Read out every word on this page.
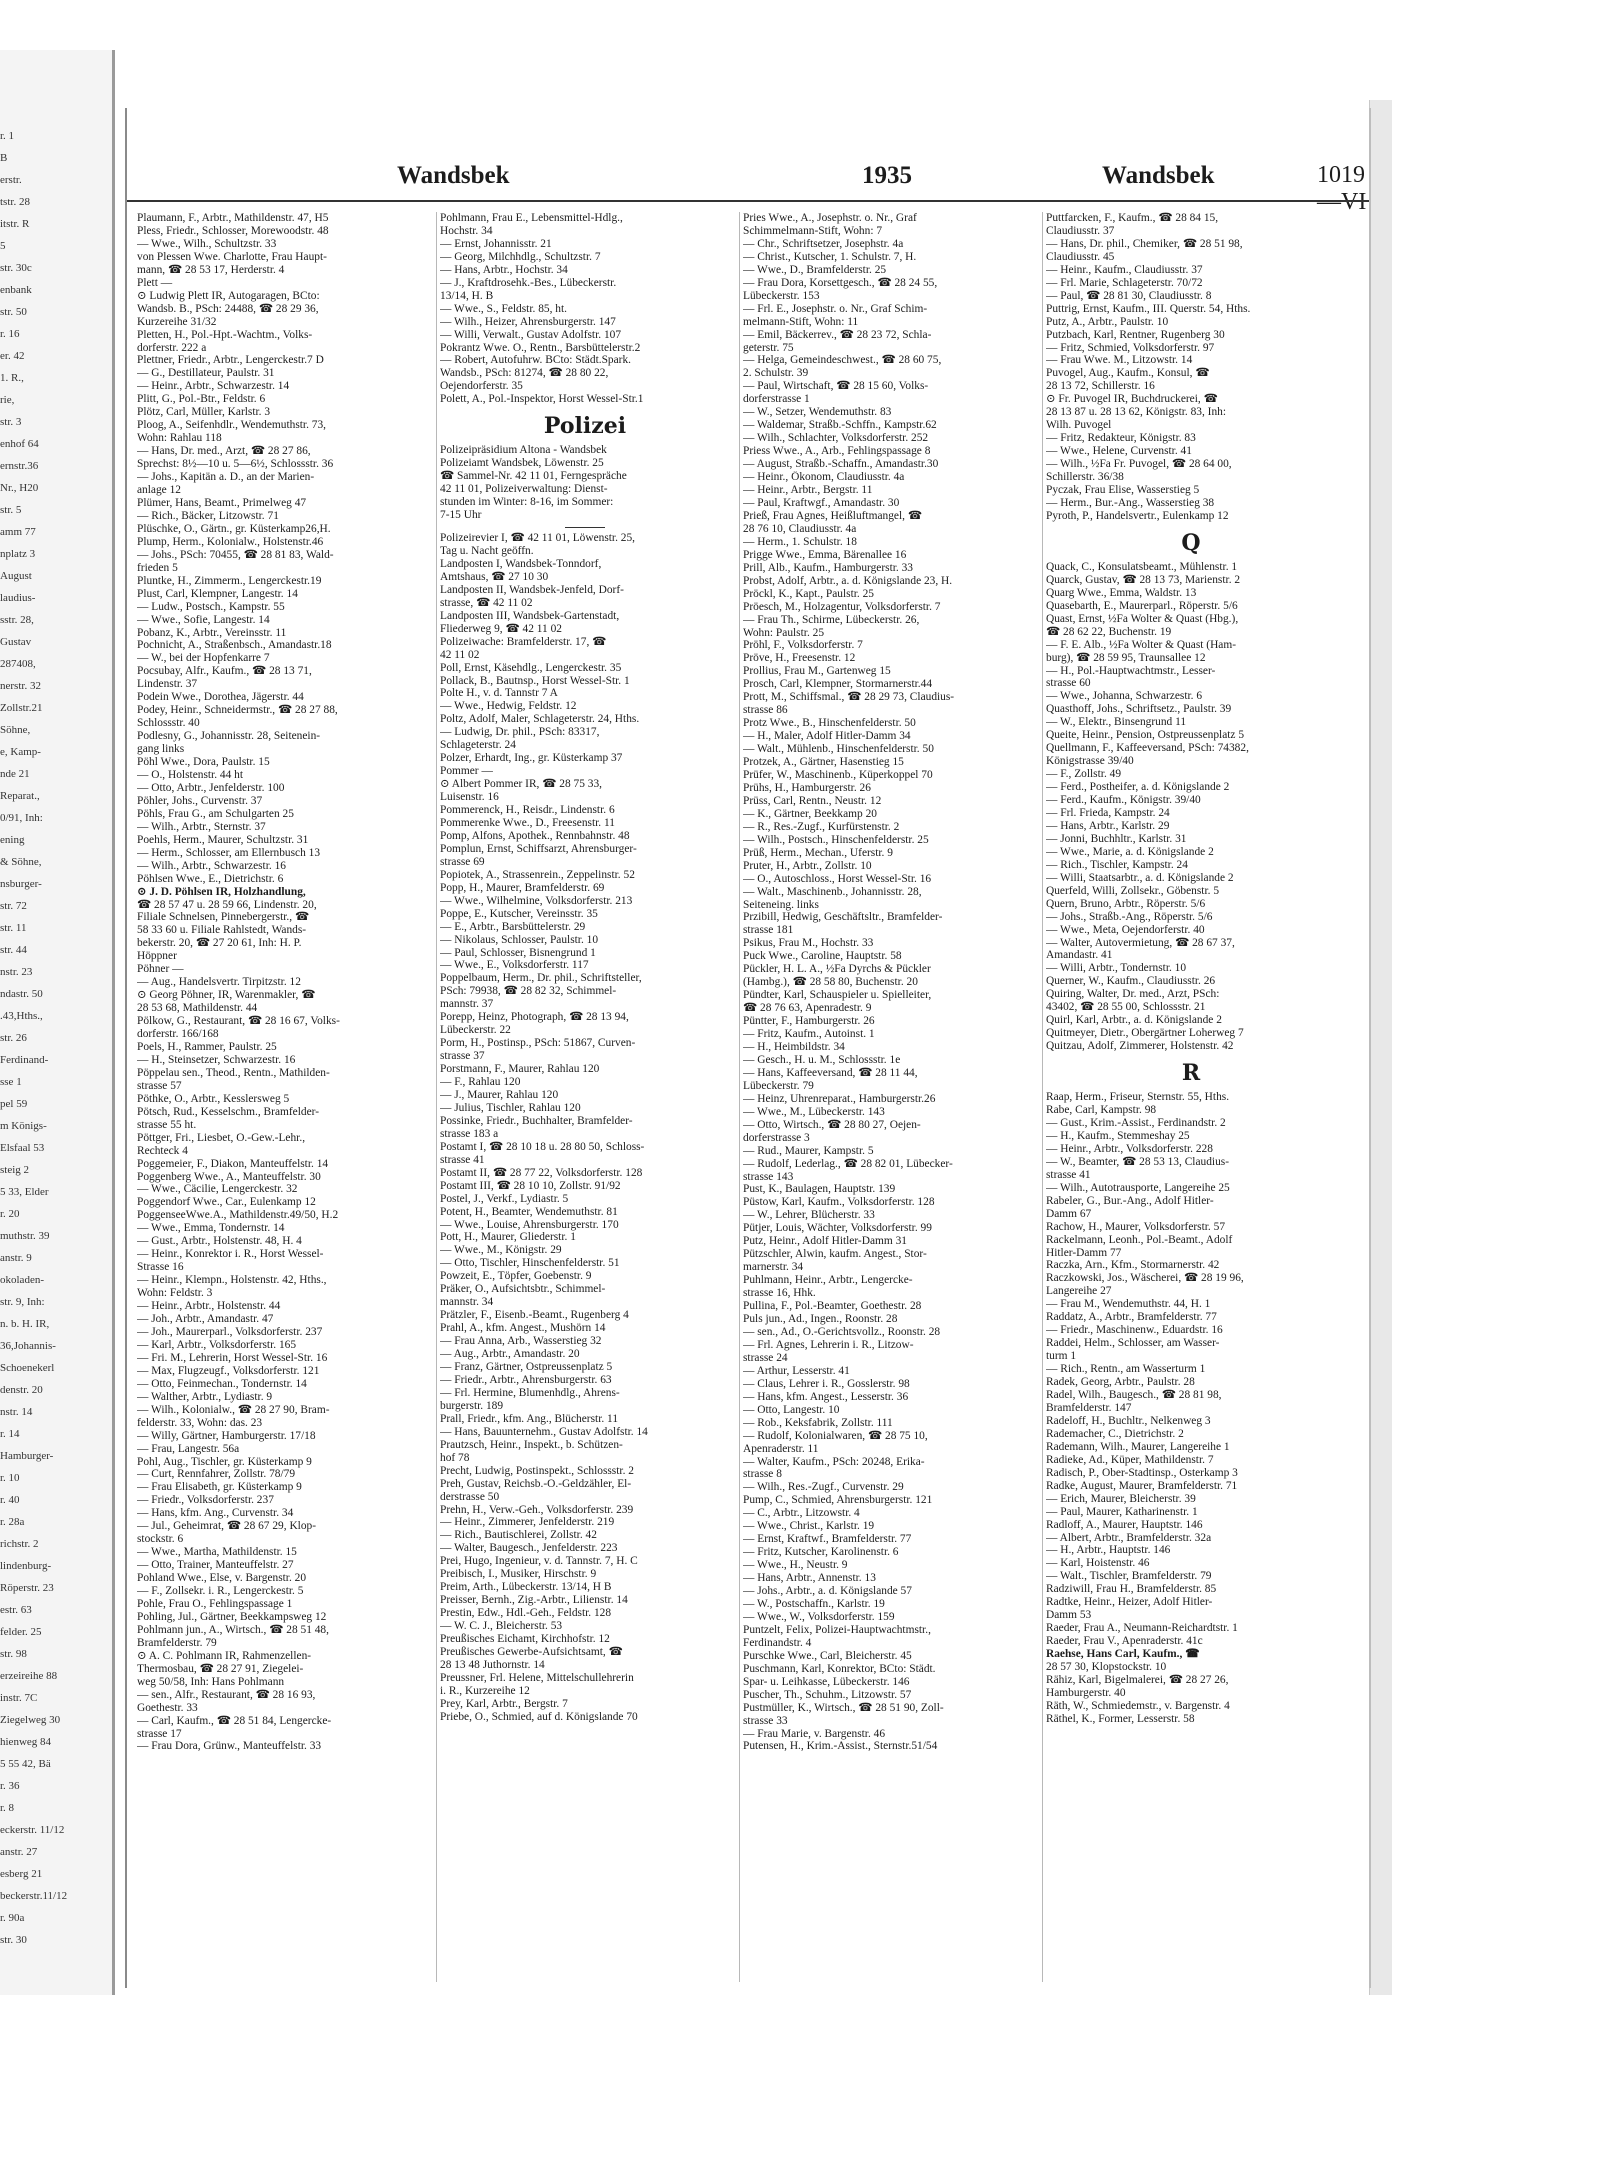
r. 1
B
erstr.
tstr. 28
itstr. R
5
str. 30c
enbank
str. 50
r. 16
er. 42
1. R.,
rie,
str. 3
enhof 64
ernstr.36
Nr., H20
str. 5
amm 77
nplatz 3
August
laudius-
sstr. 28,
Gustav
287408,
nerstr. 32
Zollstr.21
Söhne,
e, Kamp-
nde 21
Reparat.,
0/91, Inh:
ening
& Söhne,
nsburger-
str. 72
str. 11
str. 44
nstr. 23
ndastr. 50
.43,Hths.,
str. 26
Ferdinand-
sse 1
pel 59
m Königs-
Elsfaal 53
steig 2
5 33, Elder
r. 20
muthstr. 39
anstr. 9
okoladen-
str. 9, Inh:
n. b. H. IR,
36,Johannis-
Schoenekerl
denstr. 20
nstr. 14
r. 14
Hamburger-
r. 10
r. 40
r. 28a
richstr. 2
lindenburg-
Röperstr. 23
estr. 63
felder. 25
str. 98
erzeireihe 88
instr. 7C
Ziegelweg 30
hienweg 84
5 55 42, Bä
r. 36
r. 8
eckerstr. 11/12
anstr. 27
esberg 21
beckerstr.11/12
r. 90a
str. 30
Wandsbek	1935	Wandsbek	1019—VI
Plaumann, F., Arbtr., Mathildenstr. 47, H5
Pless, Friedr., Schlosser, Morewoodstr. 48
— Wwe., Wilh., Schultzstr. 33
von Plessen Wwe. Charlotte, Frau Haupt-
mann, ☎ 28 53 17, Herderstr. 4
Plett —
⊙ Ludwig Plett IR, Autogaragen, BCto:
Wandsb. B., PSch: 24488, ☎ 28 29 36,
Kurzereihe 31/32
Pletten, H., Pol.-Hpt.-Wachtm., Volks-
dorferstr. 222 a
Plettner, Friedr., Arbtr., Lengerckestr.7 D
— G., Destillateur, Paulstr. 31
— Heinr., Arbtr., Schwarzestr. 14
Plitt, G., Pol.-Btr., Feldstr. 6
Plötz, Carl, Müller, Karlstr. 3
Ploog, A., Seifenhdlr., Wendemuthstr. 73,
Wohn: Rahlau 118
— Hans, Dr. med., Arzt, ☎ 28 27 86,
Sprechst: 8½—10 u. 5—6½, Schlossstr. 36
— Johs., Kapitän a. D., an der Marien-
anlage 12
Plümer, Hans, Beamt., Primelweg 47
— Rich., Bäcker, Litzowstr. 71
Plüschke, O., Gärtn., gr. Küsterkamp26,H.
Plump, Herm., Kolonialw., Holstenstr.46
— Johs., PSch: 70455, ☎ 28 81 83, Wald-
frieden 5
Pluntke, H., Zimmerm., Lengerckestr.19
Plust, Carl, Klempner, Langestr. 14
— Ludw., Postsch., Kampstr. 55
— Wwe., Sofie, Langestr. 14
Pobanz, K., Arbtr., Vereinsstr. 11
Pochnicht, A., Straßenbsch., Amandastr.18
— W., bei der Hopfenkarre 7
Pocsubay, Alfr., Kaufm., ☎ 28 13 71,
Lindenstr. 37
Podein Wwe., Dorothea, Jägerstr. 44
Podey, Heinr., Schneidermstr., ☎ 28 27 88,
Schlossstr. 40
Podlesny, G., Johannisstr. 28, Seitenein-
gang links
Pöhl Wwe., Dora, Paulstr. 15
— O., Holstenstr. 44 ht
— Otto, Arbtr., Jenfelderstr. 100
Pöhler, Johs., Curvenstr. 37
Pöhls, Frau G., am Schulgarten 25
— Wilh., Arbtr., Sternstr. 37
Poehls, Herm., Maurer, Schultzstr. 31
— Herm., Schlosser, am Ellernbusch 13
— Wilh., Arbtr., Schwarzestr. 16
Pöhlsen Wwe., E., Dietrichstr. 6
⊙ J. D. Pöhlsen IR, Holzhandlung,
☎ 28 57 47 u. 28 59 66, Lindenstr. 20,
Filiale Schnelsen, Pinnebergerstr., ☎
58 33 60 u. Filiale Rahlstedt, Wands-
bekerstr. 20, ☎ 27 20 61, Inh: H. P.
Höppner
Pöhner —
— Aug., Handelsvertr. Tirpitzstr. 12
⊙ Georg Pöhner, IR, Warenmakler, ☎
28 53 68, Mathildenstr. 44
Pölkow, G., Restaurant, ☎ 28 16 67, Volks-
dorferstr. 166/168
Poels, H., Rammer, Paulstr. 25
— H., Steinsetzer, Schwarzestr. 16
Pöppelau sen., Theod., Rentn., Mathilden-
strasse 57
Pöthke, O., Arbtr., Kesslersweg 5
Pötsch, Rud., Kesselschm., Bramfelder-
strasse 55 ht.
Pöttger, Fri., Liesbet, O.-Gew.-Lehr.,
Rechteck 4
Poggemeier, F., Diakon, Manteuffelstr. 14
Poggenberg Wwe., A., Manteuffelstr. 30
— Wwe., Cäcilie, Lengerckestr. 32
Poggendorf Wwe., Car., Eulenkamp 12
PoggenseeWwe.A., Mathildenstr.49/50, H.2
— Wwe., Emma, Tondernstr. 14
— Gust., Arbtr., Holstenstr. 48, H. 4
— Heinr., Konrektor i. R., Horst Wessel-
Strasse 16
— Heinr., Klempn., Holstenstr. 42, Hths.,
Wohn: Feldstr. 3
— Heinr., Arbtr., Holstenstr. 44
— Joh., Arbtr., Amandastr. 47
— Joh., Maurerparl., Volksdorferstr. 237
— Karl, Arbtr., Volksdorferstr. 165
— Fri. M., Lehrerin, Horst Wessel-Str. 16
— Max, Flugzeugf., Volksdorferstr. 121
— Otto, Feinmechan., Tondernstr. 14
— Walther, Arbtr., Lydiastr. 9
— Wilh., Kolonialw., ☎ 28 27 90, Bram-
felderstr. 33, Wohn: das. 23
— Willy, Gärtner, Hamburgerstr. 17/18
— Frau, Langestr. 56a
Pohl, Aug., Tischler, gr. Küsterkamp 9
— Curt, Rennfahrer, Zollstr. 78/79
— Frau Elisabeth, gr. Küsterkamp 9
— Friedr., Volksdorferstr. 237
— Hans, kfm. Ang., Curvenstr. 34
— Jul., Geheimrat, ☎ 28 67 29, Klop-
stockstr. 6
— Wwe., Martha, Mathildenstr. 15
— Otto, Trainer, Manteuffelstr. 27
Pohland Wwe., Else, v. Bargenstr. 20
— F., Zollsekr. i. R., Lengerckestr. 5
Pohle, Frau O., Fehlingspassage 1
Pohling, Jul., Gärtner, Beekkampsweg 12
Pohlmann jun., A., Wirtsch., ☎ 28 51 48,
Bramfelderstr. 79
⊙ A. C. Pohlmann IR, Rahmenzellen-
Thermosbau, ☎ 28 27 91, Ziegelei-
weg 50/58, Inh: Hans Pohlmann
— sen., Alfr., Restaurant, ☎ 28 16 93,
Goethestr. 33
— Carl, Kaufm., ☎ 28 51 84, Lengercke-
strasse 17
— Frau Dora, Grünw., Manteuffelstr. 33
Pohlmann, Frau E., Lebensmittel-Hdlg.,
Hochstr. 34
— Ernst, Johannisstr. 21
— Georg, Milchhdlg., Schultzstr. 7
— Hans, Arbtr., Hochstr. 34
— J., Kraftdrosehk.-Bes., Lübeckerstr.
13/14, H. B
— Wwe., S., Feldstr. 85, ht.
— Wilh., Heizer, Ahrensburgerstr. 147
— Willi, Verwalt., Gustav Adolfstr. 107
Pokrantz Wwe. O., Rentn., Barsbüttelerstr.2
— Robert, Autofuhrw. BCto: Städt.Spark.
Wandsb., PSch: 81274, ☎ 28 80 22,
Oejendorferstr. 35
Polett, A., Pol.-Inspektor, Horst Wessel-Str.1
Polizei
Polizeipräsidium Altona - Wandsbek
Polizeiamt Wandsbek, Löwenstr. 25
☎ Sammel-Nr. 42 11 01, Ferngespräche
42 11 01, Polizeiverwaltung: Dienst-
stunden im Winter: 8-16, im Sommer:
7-15 Uhr
Polizeirevier I, ☎ 42 11 01, Löwenstr. 25,
Tag u. Nacht geöffn.
Landposten I, Wandsbek-Tonndorf,
Amtshaus, ☎ 27 10 30
Landposten II, Wandsbek-Jenfeld, Dorf-
strasse, ☎ 42 11 02
Landposten III, Wandsbek-Gartenstadt,
Fliederweg 9, ☎ 42 11 02
Polizeiwache: Bramfelderstr. 17, ☎
42 11 02
Poll, Ernst, Käsehdlg., Lengerckestr. 35
Pollack, B., Bautnsp., Horst Wessel-Str. 1
Polte H., v. d. Tannstr 7 A
— Wwe., Hedwig, Feldstr. 12
Poltz, Adolf, Maler, Schlageterstr. 24, Hths.
— Ludwig, Dr. phil., PSch: 83317,
Schlageterstr. 24
Polzer, Erhardt, Ing., gr. Küsterkamp 37
Pommer —
⊙ Albert Pommer IR, ☎ 28 75 33,
Luisenstr. 16
Pommerenck, H., Reisdr., Lindenstr. 6
Pommerenke Wwe., D., Freesenstr. 11
Pomp, Alfons, Apothek., Rennbahnstr. 48
Pomplun, Ernst, Schiffsarzt, Ahrensburger-
strasse 69
Popiotek, A., Strassenrein., Zeppelinstr. 52
Popp, H., Maurer, Bramfelderstr. 69
— Wwe., Wilhelmine, Volksdorferstr. 213
Poppe, E., Kutscher, Vereinsstr. 35
— E., Arbtr., Barsbüttelerstr. 29
— Nikolaus, Schlosser, Paulstr. 10
— Paul, Schlosser, Bisnengrund 1
— Wwe., E., Volksdorferstr. 117
Poppelbaum, Herm., Dr. phil., Schriftsteller,
PSch: 79938, ☎ 28 82 32, Schimmel-
mannstr. 37
Porepp, Heinz, Photograph, ☎ 28 13 94,
Lübeckerstr. 22
Porm, H., Postinsp., PSch: 51867, Curven-
strasse 37
Porstmann, F., Maurer, Rahlau 120
— F., Rahlau 120
— J., Maurer, Rahlau 120
— Julius, Tischler, Rahlau 120
Possinke, Friedr., Buchhalter, Bramfelder-
strasse 183 a
Postamt I, ☎ 28 10 18 u. 28 80 50, Schloss-
strasse 41
Postamt II, ☎ 28 77 22, Volksdorferstr. 128
Postamt III, ☎ 28 10 10, Zollstr. 91/92
Postel, J., Verkf., Lydiastr. 5
Potent, H., Beamter, Wendemuthstr. 81
— Wwe., Louise, Ahrensburgerstr. 170
Pott, H., Maurer, Gliederstr. 1
— Wwe., M., Königstr. 29
— Otto, Tischler, Hinschenfelderstr. 51
Powzeit, E., Töpfer, Goebenstr. 9
Präker, O., Aufsichtsbtr., Schimmel-
mannstr. 34
Prätzler, F., Eisenb.-Beamt., Rugenberg 4
Prahl, A., kfm. Angest., Mushörn 14
— Frau Anna, Arb., Wasserstieg 32
— Aug., Arbtr., Amandastr. 20
— Franz, Gärtner, Ostpreussenplatz 5
— Friedr., Arbtr., Ahrensburgerstr. 63
— Frl. Hermine, Blumenhdlg., Ahrens-
burgerstr. 189
Prall, Friedr., kfm. Ang., Blücherstr. 11
— Hans, Bauunternehm., Gustav Adolfstr. 14
Prautzsch, Heinr., Inspekt., b. Schützen-
hof 78
Precht, Ludwig, Postinspekt., Schlossstr. 2
Preh, Gustav, Reichsb.-O.-Geldzähler, El-
derstrasse 50
Prehn, H., Verw.-Geh., Volksdorferstr. 239
— Heinr., Zimmerer, Jenfelderstr. 219
— Rich., Bautischlerei, Zollstr. 42
— Walter, Baugesch., Jenfelderstr. 223
Prei, Hugo, Ingenieur, v. d. Tannstr. 7, H. C
Preibisch, I., Musiker, Hirschstr. 9
Preim, Arth., Lübeckerstr. 13/14, H B
Preisser, Bernh., Zig.-Arbtr., Lilienstr. 14
Prestin, Edw., Hdl.-Geh., Feldstr. 128
— W. C. J., Bleicherstr. 53
Preußisches Eichamt, Kirchhofstr. 12
Preußisches Gewerbe-Aufsichtsamt, ☎
28 13 48 Juthornstr. 14
Preussner, Frl. Helene, Mittelschullehrerin
i. R., Kurzereihe 12
Prey, Karl, Arbtr., Bergstr. 7
Priebe, O., Schmied, auf d. Königslande 70
Pries Wwe., A., Josephstr. o. Nr., Graf
Schimmelmann-Stift, Wohn: 7
— Chr., Schriftsetzer, Josephstr. 4a
— Christ., Kutscher, 1. Schulstr. 7, H.
— Wwe., D., Bramfelderstr. 25
— Frau Dora, Korsettgesch., ☎ 28 24 55,
Lübeckerstr. 153
— Frl. E., Josephstr. o. Nr., Graf Schim-
melmann-Stift, Wohn: 11
— Emil, Bäckerrev., ☎ 28 23 72, Schla-
geterstr. 75
— Helga, Gemeindeschwest., ☎ 28 60 75,
2. Schulstr. 39
— Paul, Wirtschaft, ☎ 28 15 60, Volks-
dorferstrasse 1
— W., Setzer, Wendemuthstr. 83
— Waldemar, Straßb.-Schffn., Kampstr.62
— Wilh., Schlachter, Volksdorferstr. 252
Priess Wwe., A., Arb., Fehlingspassage 8
— August, Straßb.-Schaffn., Amandastr.30
— Heinr., Ökonom, Claudiusstr. 4a
— Heinr., Arbtr., Bergstr. 11
— Paul, Kraftwgf., Amandastr. 30
Prieß, Frau Agnes, Heißluftmangel, ☎
28 76 10, Claudiusstr. 4a
— Herm., 1. Schulstr. 18
Prigge Wwe., Emma, Bärenallee 16
Prill, Alb., Kaufm., Hamburgerstr. 33
Probst, Adolf, Arbtr., a. d. Königslande 23, H.
Pröckl, K., Kapt., Paulstr. 25
Pröesch, M., Holzagentur, Volksdorferstr. 7
— Frau Th., Schirme, Lübeckerstr. 26,
Wohn: Paulstr. 25
Pröhl, F., Volksdorferstr. 7
Pröve, H., Freesenstr. 12
Prollius, Frau M., Gartenweg 15
Prosch, Carl, Klempner, Stormarnerstr.44
Prott, M., Schiffsmal., ☎ 28 29 73, Claudius-
strasse 86
Protz Wwe., B., Hinschenfelderstr. 50
— H., Maler, Adolf Hitler-Damm 34
— Walt., Mühlenb., Hinschenfelderstr. 50
Protzek, A., Gärtner, Hasenstieg 15
Prüfer, W., Maschinenb., Küperkoppel 70
Prühs, H., Hamburgerstr. 26
Prüss, Carl, Rentn., Neustr. 12
— K., Gärtner, Beekkamp 20
— R., Res.-Zugf., Kurfürstenstr. 2
— Wilh., Postsch., Hinschenfelderstr. 25
Prüß, Herm., Mechan., Uferstr. 9
Pruter, H., Arbtr., Zollstr. 10
— O., Autoschloss., Horst Wessel-Str. 16
— Walt., Maschinenb., Johannisstr. 28,
Seiteneing. links
Przibill, Hedwig, Geschäftsltr., Bramfelder-
strasse 181
Psikus, Frau M., Hochstr. 33
Puck Wwe., Caroline, Hauptstr. 58
Pückler, H. L. A., ½Fa Dyrchs & Pückler
(Hambg.), ☎ 28 58 80, Buchenstr. 20
Pündter, Karl, Schauspieler u. Spielleiter,
☎ 28 76 63, Apenradestr. 9
Püntter, F., Hamburgerstr. 26
— Fritz, Kaufm., Autoinst. 1
— H., Heimbildstr. 34
— Gesch., H. u. M., Schlossstr. 1e
— Hans, Kaffeeversand, ☎ 28 11 44,
Lübeckerstr. 79
— Heinz, Uhrenreparat., Hamburgerstr.26
— Wwe., M., Lübeckerstr. 143
— Otto, Wirtsch., ☎ 28 80 27, Oejen-
dorferstrasse 3
— Rud., Maurer, Kampstr. 5
— Rudolf, Lederlag., ☎ 28 82 01, Lübecker-
strasse 143
Pust, K., Baulagen, Hauptstr. 139
Püstow, Karl, Kaufm., Volksdorferstr. 128
— W., Lehrer, Blücherstr. 33
Pütjer, Louis, Wächter, Volksdorferstr. 99
Putz, Heinr., Adolf Hitler-Damm 31
Pützschler, Alwin, kaufm. Angest., Stor-
marnerstr. 34
Puhlmann, Heinr., Arbtr., Lengercke-
strasse 16, Hhk.
Pullina, F., Pol.-Beamter, Goethestr. 28
Puls jun., Ad., Ingen., Roonstr. 28
— sen., Ad., O.-Gerichtsvollz., Roonstr. 28
— Frl. Agnes, Lehrerin i. R., Litzow-
strasse 24
— Arthur, Lesserstr. 41
— Claus, Lehrer i. R., Gosslerstr. 98
— Hans, kfm. Angest., Lesserstr. 36
— Otto, Langestr. 10
— Rob., Keksfabrik, Zollstr. 111
— Rudolf, Kolonialwaren, ☎ 28 75 10,
Apenraderstr. 11
— Walter, Kaufm., PSch: 20248, Erika-
strasse 8
— Wilh., Res.-Zugf., Curvenstr. 29
Pump, C., Schmied, Ahrensburgerstr. 121
— C., Arbtr., Litzowstr. 4
— Wwe., Christ., Karlstr. 19
— Ernst, Kraftwf., Bramfelderstr. 77
— Fritz, Kutscher, Karolinenstr. 6
— Wwe., H., Neustr. 9
— Hans, Arbtr., Annenstr. 13
— Johs., Arbtr., a. d. Königslande 57
— W., Postschaffn., Karlstr. 19
— Wwe., W., Volksdorferstr. 159
Puntzelt, Felix, Polizei-Hauptwachtmstr.,
Ferdinandstr. 4
Purschke Wwe., Carl, Bleicherstr. 45
Puschmann, Karl, Konrektor, BCto: Städt.
Spar- u. Leihkasse, Lübeckerstr. 146
Puscher, Th., Schuhm., Litzowstr. 57
Pustmüller, K., Wirtsch., ☎ 28 51 90, Zoll-
strasse 33
— Frau Marie, v. Bargenstr. 46
Putensen, H., Krim.-Assist., Sternstr.51/54
Puttfarcken, F., Kaufm., ☎ 28 84 15,
Claudiusstr. 37
— Hans, Dr. phil., Chemiker, ☎ 28 51 98,
Claudiusstr. 45
— Heinr., Kaufm., Claudiusstr. 37
— Frl. Marie, Schlageterstr. 70/72
— Paul, ☎ 28 81 30, Claudiusstr. 8
Puttrig, Ernst, Kaufm., III. Querstr. 54, Hths.
Putz, A., Arbtr., Paulstr. 10
Putzbach, Karl, Rentner, Rugenberg 30
— Fritz, Schmied, Volksdorferstr. 97
— Frau Wwe. M., Litzowstr. 14
Puvogel, Aug., Kaufm., Konsul, ☎
28 13 72, Schillerstr. 16
⊙ Fr. Puvogel IR, Buchdruckerei, ☎
28 13 87 u. 28 13 62, Königstr. 83, Inh:
Wilh. Puvogel
— Fritz, Redakteur, Königstr. 83
— Wwe., Helene, Curvenstr. 41
— Wilh., ½Fa Fr. Puvogel, ☎ 28 64 00,
Schillerstr. 36/38
Pyczak, Frau Elise, Wasserstieg 5
— Herm., Bur.-Ang., Wasserstieg 38
Pyroth, P., Handelsvertr., Eulenkamp 12
Q
Quack, C., Konsulatsbeamt., Mühlenstr. 1
Quarck, Gustav, ☎ 28 13 73, Marienstr. 2
Quarg Wwe., Emma, Waldstr. 13
Quasebarth, E., Maurerparl., Röperstr. 5/6
Quast, Ernst, ½Fa Wolter & Quast (Hbg.),
☎ 28 62 22, Buchenstr. 19
— F. E. Alb., ½Fa Wolter & Quast (Ham-
burg), ☎ 28 59 95, Traunsallee 12
— H., Pol.-Hauptwachtmstr., Lesser-
strasse 60
— Wwe., Johanna, Schwarzestr. 6
Quasthoff, Johs., Schriftsetz., Paulstr. 39
— W., Elektr., Binsengrund 11
Queite, Heinr., Pension, Ostpreussenplatz 5
Quellmann, F., Kaffeeversand, PSch: 74382,
Königstrasse 39/40
— F., Zollstr. 49
— Ferd., Postheifer, a. d. Königslande 2
— Ferd., Kaufm., Königstr. 39/40
— Frl. Frieda, Kampstr. 24
— Hans, Arbtr., Karlstr. 29
— Jonni, Buchhltr., Karlstr. 31
— Wwe., Marie, a. d. Königslande 2
— Rich., Tischler, Kampstr. 24
— Willi, Staatsarbtr., a. d. Königslande 2
Querfeld, Willi, Zollsekr., Göbenstr. 5
Quern, Bruno, Arbtr., Röperstr. 5/6
— Johs., Straßb.-Ang., Röperstr. 5/6
— Wwe., Meta, Oejendorferstr. 40
— Walter, Autovermietung, ☎ 28 67 37,
Amandastr. 41
— Willi, Arbtr., Tondernstr. 10
Querner, W., Kaufm., Claudiusstr. 26
Quiring, Walter, Dr. med., Arzt, PSch:
43402, ☎ 28 55 00, Schlossstr. 21
Quirl, Karl, Arbtr., a. d. Königslande 2
Quitmeyer, Dietr., Obergärtner Loherweg 7
Quitzau, Adolf, Zimmerer, Holstenstr. 42
R
Raap, Herm., Friseur, Sternstr. 55, Hths.
Rabe, Carl, Kampstr. 98
— Gust., Krim.-Assist., Ferdinandstr. 2
— H., Kaufm., Stemmeshay 25
— Heinr., Arbtr., Volksdorferstr. 228
— W., Beamter, ☎ 28 53 13, Claudius-
strasse 41
— Wilh., Autotrausporte, Langereihe 25
Rabeler, G., Bur.-Ang., Adolf Hitler-
Damm 67
Rachow, H., Maurer, Volksdorferstr. 57
Rackelmann, Leonh., Pol.-Beamt., Adolf
Hitler-Damm 77
Raczka, Arn., Kfm., Stormarnerstr. 42
Raczkowski, Jos., Wäscherei, ☎ 28 19 96,
Langereihe 27
— Frau M., Wendemuthstr. 44, H. 1
Raddatz, A., Arbtr., Bramfelderstr. 77
— Friedr., Maschinenw., Eduardstr. 16
Raddei, Helm., Schlosser, am Wasser-
turm 1
— Rich., Rentn., am Wasserturm 1
Radek, Georg, Arbtr., Paulstr. 28
Radel, Wilh., Baugesch., ☎ 28 81 98,
Bramfelderstr. 147
Radeloff, H., Buchltr., Nelkenweg 3
Rademacher, C., Dietrichstr. 2
Rademann, Wilh., Maurer, Langereihe 1
Radieke, Ad., Küper, Mathildenstr. 7
Radisch, P., Ober-Stadtinsp., Osterkamp 3
Radke, August, Maurer, Bramfelderstr. 71
— Erich, Maurer, Bleicherstr. 39
— Paul, Maurer, Katharinenstr. 1
Radloff, A., Maurer, Hauptstr. 146
— Albert, Arbtr., Bramfelderstr. 32a
— H., Arbtr., Hauptstr. 146
— Karl, Hoistenstr. 46
— Walt., Tischler, Bramfelderstr. 79
Radziwill, Frau H., Bramfelderstr. 85
Radtke, Heinr., Heizer, Adolf Hitler-
Damm 53
Raeder, Frau A., Neumann-Reichardtstr. 1
Raeder, Frau V., Apenraderstr. 41c
Raehse, Hans Carl, Kaufm., ☎
28 57 30, Klopstockstr. 10
Rähiz, Karl, Bigelmalerei, ☎ 28 27 26,
Hamburgerstr. 40
Räth, W., Schmiedemstr., v. Bargenstr. 4
Räthel, K., Former, Lesserstr. 58
